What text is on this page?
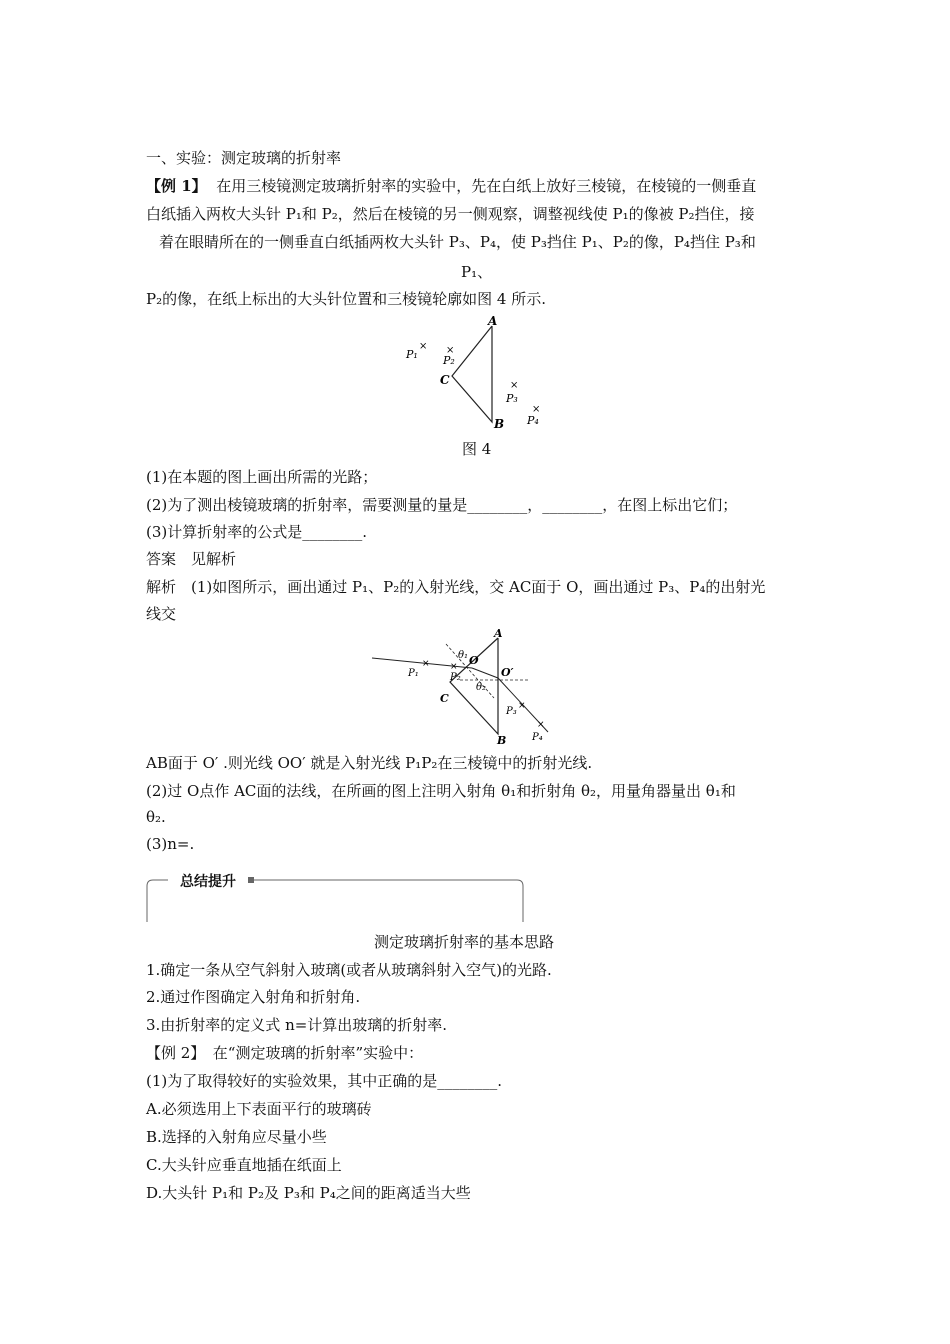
一、实验：测定玻璃的折射率
【例 1】 在用三棱镜测定玻璃折射率的实验中，先在白纸上放好三棱镜，在棱镜的一侧垂直
白纸插入两枚大头针 P₁和 P₂，然后在棱镜的另一侧观察，调整视线使 P₁的像被 P₂挡住，接
着在眼睛所在的一侧垂直白纸插两枚大头针 P₃、P₄，使 P₃挡住 P₁、P₂的像，P₄挡住 P₃和
P₁、
P₂的像，在纸上标出的大头针位置和三棱镜轮廓如图 4 所示.
A
B
C
×
P₁	×
P₂
×
P₃
×
P₄
图 4
(1)在本题的图上画出所需的光路；
(2)为了测出棱镜玻璃的折射率，需要测量的量是________，________，在图上标出它们；
(3)计算折射率的公式是________.
答案　见解析
解析　(1)如图所示，画出通过 P₁、P₂的入射光线，交 AC面于 O，画出通过 P₃、P₄的出射光
线交
× ×
×
×
A
B
C
O
O′
θ₁
θ₂
P₁	P₂
P₃
P₄
AB面于 O′ .则光线 OO′ 就是入射光线 P₁P₂在三棱镜中的折射光线.
(2)过 O点作 AC面的法线，在所画的图上注明入射角 θ₁和折射角 θ₂，用量角器量出 θ₁和
θ₂.
(3)n=.
总结提升
测定玻璃折射率的基本思路
1.确定一条从空气斜射入玻璃(或者从玻璃斜射入空气)的光路.
2.通过作图确定入射角和折射角.
3.由折射率的定义式 n=计算出玻璃的折射率.
【例 2】　在“测定玻璃的折射率”实验中：
(1)为了取得较好的实验效果，其中正确的是________.
A.必须选用上下表面平行的玻璃砖
B.选择的入射角应尽量小些
C.大头针应垂直地插在纸面上
D.大头针 P₁和 P₂及 P₃和 P₄之间的距离适当大些
